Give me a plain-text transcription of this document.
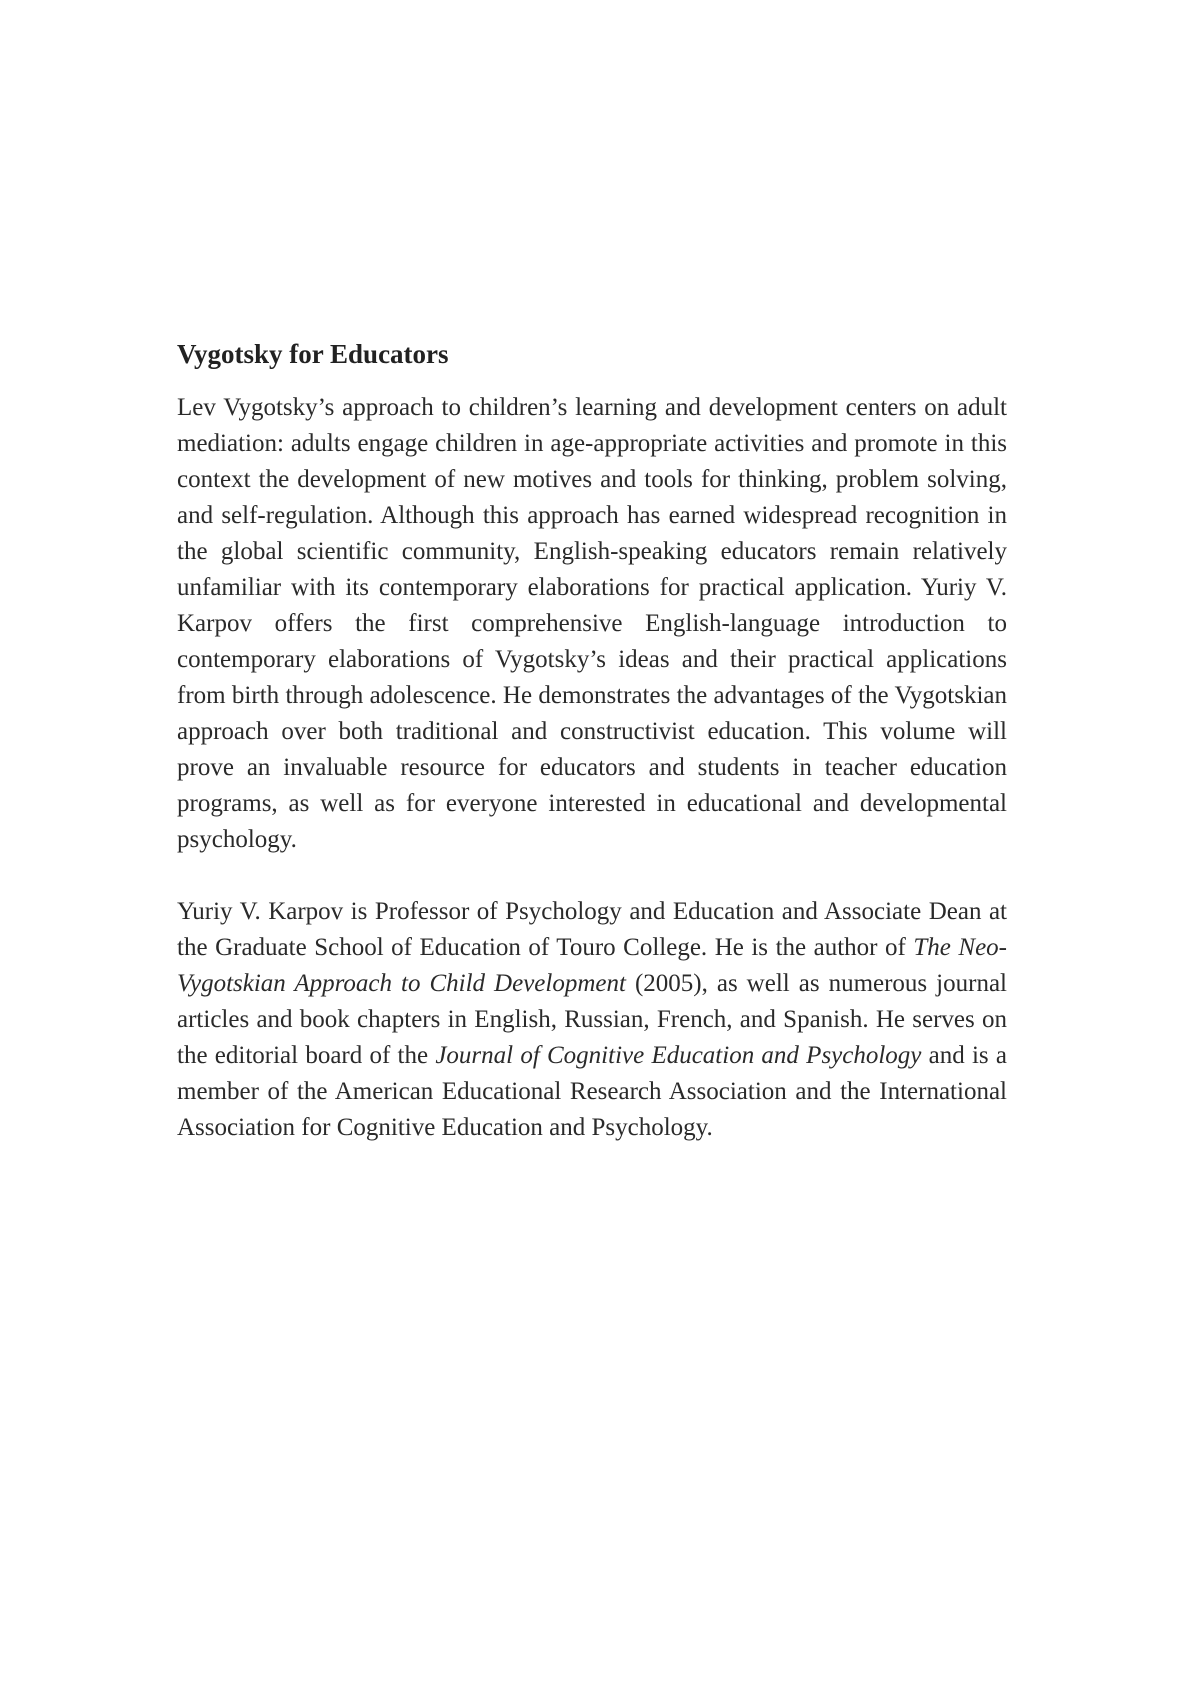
Vygotsky for Educators

Lev Vygotsky’s approach to children’s learning and development centers on adult mediation: adults engage children in age-appropriate activities and promote in this context the development of new motives and tools for thinking, problem solving, and self-regulation. Although this approach has earned widespread recognition in the global scientific community, English-speaking educators remain relatively unfamiliar with its contemporary elaborations for practical application. Yuriy V. Karpov offers the first comprehensive English-language introduction to contemporary elaborations of Vygotsky’s ideas and their practical applications from birth through adolescence. He demonstrates the advantages of the Vygotskian approach over both traditional and constructivist education. This volume will prove an invaluable resource for educators and students in teacher education programs, as well as for everyone interested in educational and developmental psychology.

Yuriy V. Karpov is Professor of Psychology and Education and Associate Dean at the Graduate School of Education of Touro College. He is the author of The Neo-Vygotskian Approach to Child Development (2005), as well as numerous journal articles and book chapters in English, Russian, French, and Spanish. He serves on the editorial board of the Journal of Cognitive Education and Psychology and is a member of the American Educational Research Association and the International Association for Cognitive Education and Psychology.
